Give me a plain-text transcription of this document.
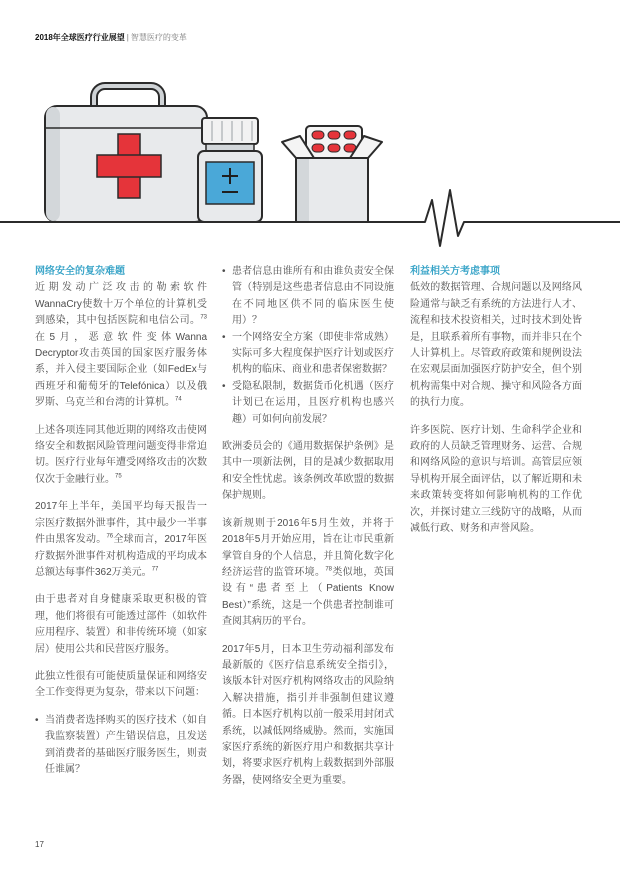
2018年全球医疗行业展望 | 智慧医疗的变革
网络安全的复杂难题

近期发动广泛攻击的勒索软件WannaCry使数十万个单位的计算机受到感染，其中包括医院和电信公司。$^{73}$在5月，恶意软件变体Wanna Decryptor攻击英国的国家医疗服务体系，并入侵主要国际企业（如FedEx与西班牙和葡萄牙的Telefónica）以及俄罗斯、乌克兰和台湾的计算机。$^{74}$

上述各项连同其他近期的网络攻击使网络安全和数据风险管理问题变得非常迫切。医疗行业每年遭受网络攻击的次数仅次于金融行业。$^{75}$

2017年上半年，美国平均每天报告一宗医疗数据外泄事件，其中最少一半事件由黑客发动。$^{76}$全球而言，2017年医疗数据外泄事件对机构造成的平均成本总额达每事件362万美元。$^{77}$

由于患者对自身健康采取更积极的管理，他们将很有可能透过部件（如软件应用程序、装置）和非传统环境（如家居）使用公共和民营医疗服务。

此独立性很有可能使质量保证和网络安全工作变得更为复杂，带来以下问题：

• 当消费者选择购买的医疗技术（如自我监察装置）产生错误信息，且发送到消费者的基础医疗服务医生，则责任谁属？
• 患者信息由谁所有和由谁负责安全保管（特别是这些患者信息由不同设施在不同地区供不同的临床医生使用）？
• 一个网络安全方案（即使非常成熟）实际可多大程度保护医疗计划或医疗机构的临床、商业和患者保密数据？
• 受隐私限制，数据货币化机遇（医疗计划已在运用，且医疗机构也感兴趣）可如何向前发展？

欧洲委员会的《通用数据保护条例》是其中一项新法例，目的是减少数据取用和安全性忧虑。该条例改革欧盟的数据保护规则。

该新规则于2016年5月生效，并将于2018年5月开始应用，旨在让市民重新掌管自身的个人信息，并且简化数字化经济运营的监管环境。$^{78}$类似地，英国设有“患者至上（Patients Know Best）”系统，这是一个供患者控制谁可查阅其病历的平台。

2017年5月，日本卫生劳动福利部发布最新版的《医疗信息系统安全指引》，该版本针对医疗机构网络攻击的风险纳入解决措施，指引并非强制但建议遵循。日本医疗机构以前一般采用封闭式系统，以减低网络威胁。然而，实施国家医疗系统的新医疗用户和数据共享计划，将要求医疗机构上载数据到外部服务器，使网络安全更为重要。

利益相关方考虑事项

低效的数据管理、合规问题以及网络风险通常与缺乏有系统的方法进行人才、流程和技术投资相关，过时技术到处皆是，且联系着所有事物，而并非只在个人计算机上。尽管政府政策和规例设法在宏观层面加强医疗防护安全，但个别机构需集中对合规、操守和风险各方面的执行力度。

许多医院、医疗计划、生命科学企业和政府的人员缺乏管理财务、运营、合规和网络风险的意识与培训。高管层应领导机构开展全面评估，以了解近期和未来政策转变将如何影响机构的工作优次，并探讨建立三线防守的战略，从而减低行政、财务和声誉风险。

17
